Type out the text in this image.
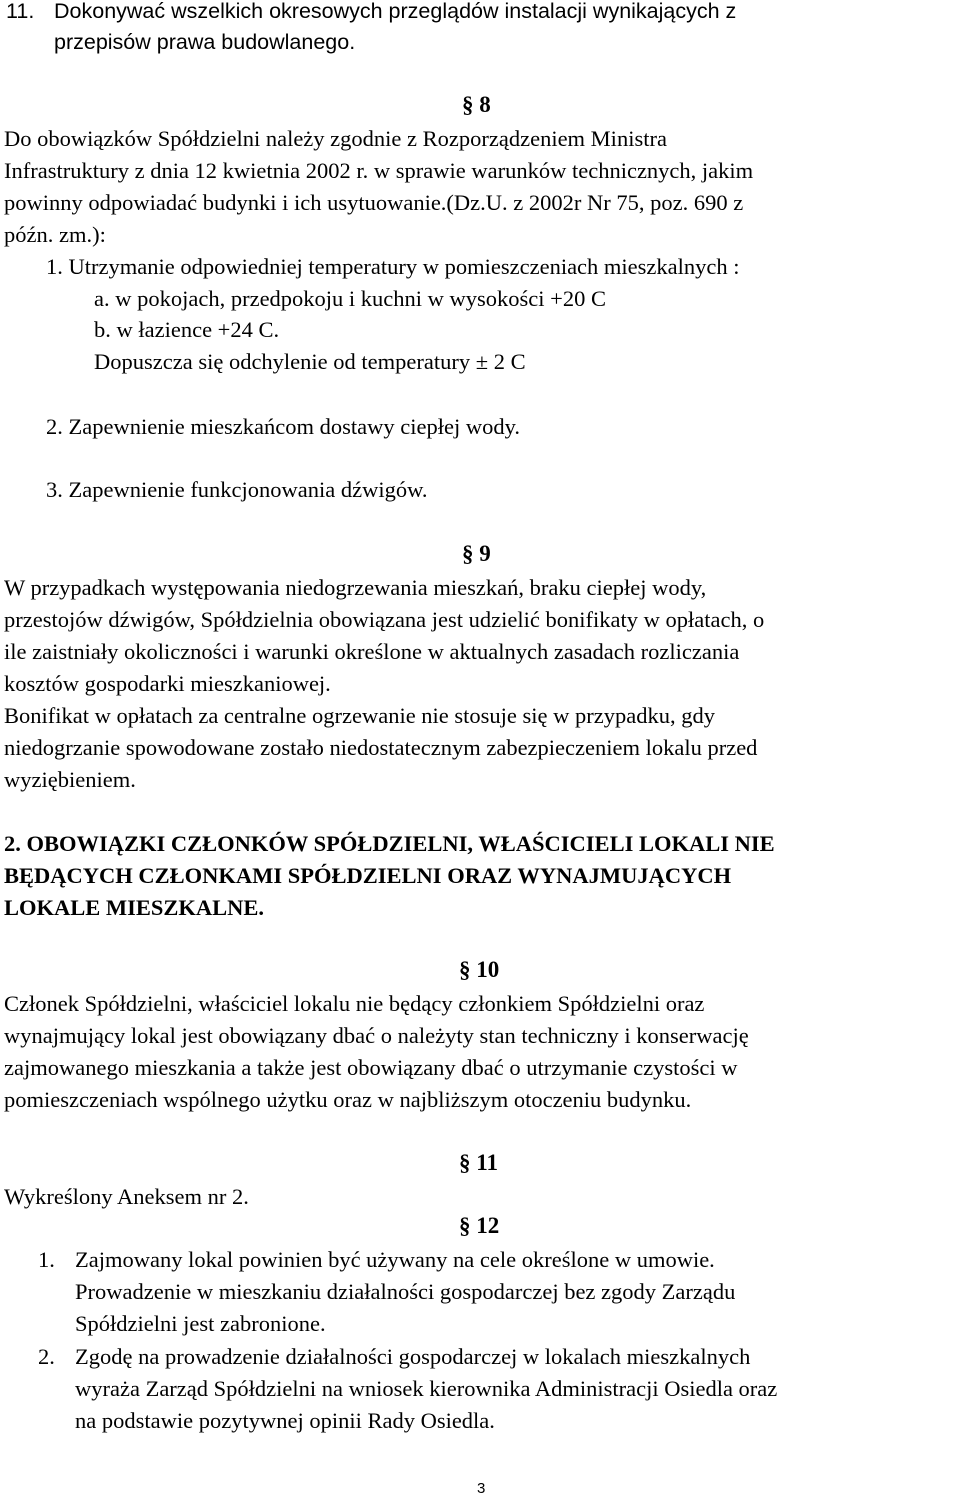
11. Dokonywać wszelkich okresowych przeglądów instalacji wynikających z
przepisów prawa budowlanego.
§ 8
Do obowiązków Spółdzielni należy zgodnie z Rozporządzeniem Ministra
Infrastruktury z dnia 12 kwietnia 2002 r. w sprawie warunków technicznych, jakim
powinny odpowiadać budynki i ich usytuowanie.(Dz.U. z 2002r Nr 75, poz. 690 z
późn. zm.):
1. Utrzymanie odpowiedniej temperatury w pomieszczeniach mieszkalnych :
a. w pokojach, przedpokoju i kuchni w wysokości +20 C
b. w łazience +24 C.
Dopuszcza się odchylenie od temperatury ± 2 C
2. Zapewnienie mieszkańcom dostawy ciepłej wody.
3. Zapewnienie funkcjonowania dźwigów.
§ 9
W przypadkach występowania niedogrzewania mieszkań, braku ciepłej wody,
przestojów dźwigów, Spółdzielnia obowiązana jest udzielić bonifikaty w opłatach, o
ile zaistniały okoliczności i warunki określone w aktualnych zasadach rozliczania
kosztów gospodarki mieszkaniowej.
Bonifikat w opłatach za centralne ogrzewanie nie stosuje się w przypadku, gdy
niedogrzanie spowodowane zostało niedostatecznym zabezpieczeniem lokalu przed
wyziębieniem.
2. OBOWIĄZKI CZŁONKÓW SPÓŁDZIELNI, WŁAŚCICIELI LOKALI NIE
BĘDĄCYCH CZŁONKAMI SPÓŁDZIELNI ORAZ WYNAJMUJĄCYCH
LOKALE MIESZKALNE.
§ 10
Członek Spółdzielni, właściciel lokalu nie będący członkiem Spółdzielni oraz
wynajmujący lokal jest obowiązany dbać o należyty stan techniczny i konserwację
zajmowanego mieszkania a także jest obowiązany dbać o utrzymanie czystości w
pomieszczeniach wspólnego użytku oraz w najbliższym otoczeniu budynku.
§ 11
Wykreślony Aneksem nr 2.
§ 12
1. Zajmowany lokal powinien być używany na cele określone w umowie.
Prowadzenie w mieszkaniu działalności gospodarczej bez zgody Zarządu
Spółdzielni jest zabronione.
2. Zgodę na prowadzenie działalności gospodarczej w lokalach mieszkalnych
wyraża Zarząd Spółdzielni na wniosek kierownika Administracji Osiedla oraz
na podstawie pozytywnej opinii Rady Osiedla.
3
